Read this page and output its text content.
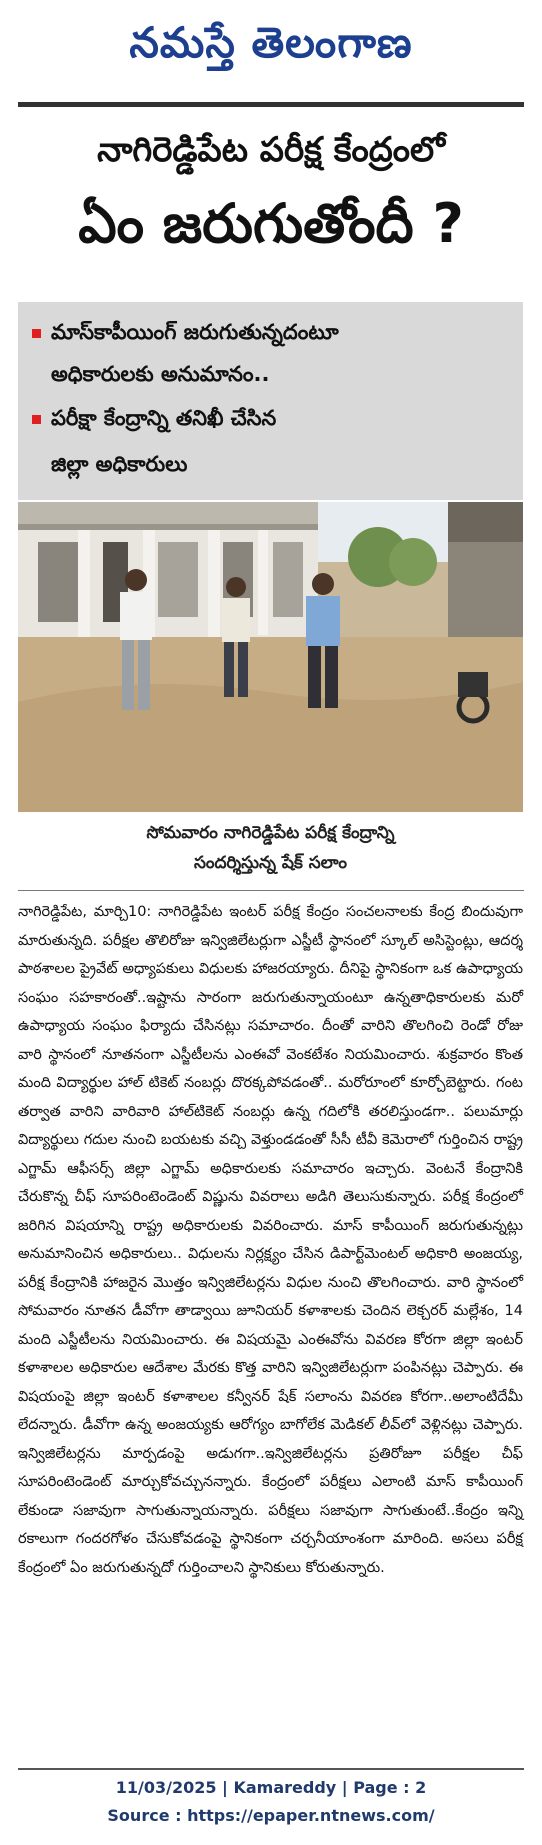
నమస్తే తెలంగాణ
నాగిరెడ్డిపేట పరీక్ష కేంద్రంలో
ఏం జరుగుతోందీ ?
మాస్‌కాపీయింగ్ జరుగుతున్నదంటూ
అధికారులకు అనుమానం..
పరీక్షా కేంద్రాన్ని తనిఖీ చేసిన
జిల్లా అధికారులు
సోమవారం నాగిరెడ్డిపేట పరీక్ష కేంద్రాన్ని
సందర్శిస్తున్న షేక్ సలాం

నాగిరెడ్డిపేట, మార్చి10: నాగిరెడ్డిపేట ఇంటర్ పరీక్ష కేంద్రం సంచలనాలకు కేంద్ర బిందువుగా మారుతున్నది. పరీక్షల తొలిరోజు ఇన్విజిలేటర్లుగా ఎస్జీటీ స్థానంలో స్కూల్ అసిస్టెంట్లు, ఆదర్శ పాఠశాలల ప్రైవేట్ అధ్యాపకులు విధులకు హాజరయ్యారు. దీనిపై స్థానికంగా ఒక ఉపాధ్యాయ సంఘం సహకారంతో..ఇష్టాను సారంగా జరుగుతున్నాయంటూ ఉన్నతాధికారులకు మరో ఉపాధ్యాయ సంఘం ఫిర్యాదు చేసినట్లు సమాచారం. దీంతో వారిని తొలగించి రెండో రోజు వారి స్థానంలో నూతనంగా ఎస్జీటీలను ఎంఈవో వెంకటేశం నియమించారు. శుక్రవారం కొంత మంది విద్యార్థుల హాల్ టికెట్ నంబర్లు దొరక్కపోవడంతో.. మరోరూంలో కూర్చోబెట్టారు. గంట తర్వాత వారిని వారివారి హాల్‌టికెట్ నంబర్లు ఉన్న గదిలోకి తరలిస్తుండగా.. పలుమార్లు విద్యార్థులు గదుల నుంచి బయటకు వచ్చి వెళ్తుండడంతో సీసీ టీవీ కెమెరాలో గుర్తించిన రాష్ట్ర ఎగ్జామ్ ఆఫీసర్స్ జిల్లా ఎగ్జామ్ అధికారులకు సమాచారం ఇచ్చారు. వెంటనే కేంద్రానికి చేరుకొన్న చీఫ్ సూపరింటెండెంట్ విష్ణును వివరాలు అడిగి తెలుసుకున్నారు. పరీక్ష కేంద్రంలో జరిగిన విషయాన్ని రాష్ట్ర అధికారులకు వివరించారు. మాస్ కాపీయింగ్ జరుగుతున్నట్లు అనుమానించిన అధికారులు.. విధులను నిర్లక్ష్యం చేసిన డిపార్ట్‌మెంటల్ అధికారి అంజయ్య, పరీక్ష కేంద్రానికి హాజరైన మొత్తం ఇన్విజిలేటర్లను విధుల నుంచి తొలగించారు. వారి స్థానంలో సోమవారం నూతన డీవోగా తాడ్వాయి జూనియర్ కళాశాలకు చెందిన లెక్చరర్ మల్లేశం, 14 మంది ఎస్జీటీలను నియమించారు. ఈ విషయమై ఎంఈవోను వివరణ కోరగా జిల్లా ఇంటర్ కళాశాలల అధికారుల ఆదేశాల మేరకు కొత్త వారిని ఇన్విజిలేటర్లుగా పంపినట్లు చెప్పారు. ఈ విషయంపై జిల్లా ఇంటర్ కళాశాలల కన్వీనర్ షేక్ సలాంను వివరణ కోరగా..అలాంటిదేమీ లేదన్నారు. డీవోగా ఉన్న అంజయ్యకు ఆరోగ్యం బాగోలేక మెడికల్ లీవ్‌లో వెళ్లినట్లు చెప్పారు. ఇన్విజిలేటర్లను మార్పడంపై అడుగగా..ఇన్విజిలేటర్లను ప్రతిరోజూ పరీక్షల చీఫ్ సూపరింటెండెంట్ మార్చుకోవచ్చునన్నారు. కేంద్రంలో పరీక్షలు ఎలాంటి మాస్ కాపీయింగ్ లేకుండా సజావుగా సాగుతున్నాయన్నారు. పరీక్షలు సజావుగా సాగుతుంటే..కేంద్రం ఇన్ని రకాలుగా గందరగోళం చేసుకోవడంపై స్థానికంగా చర్చనీయాంశంగా మారింది. అసలు పరీక్ష కేంద్రంలో ఏం జరుగుతున్నదో గుర్తించాలని స్థానికులు కోరుతున్నారు.

11/03/2025 | Kamareddy | Page : 2
Source : https://epaper.ntnews.com/
